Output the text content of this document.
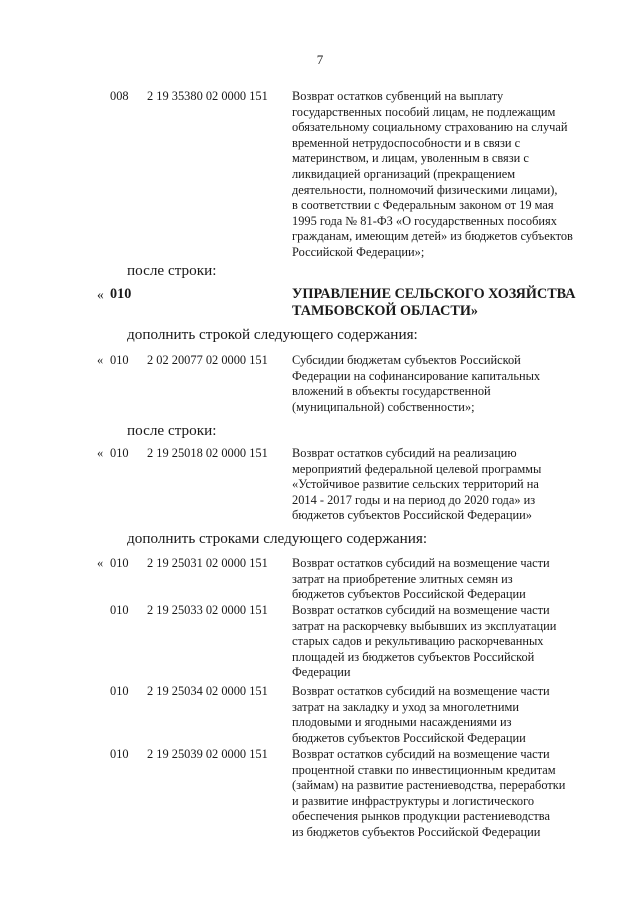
7
008 2 19 35380 02 0000 151 Возврат остатков субвенций на выплату
государственных пособий лицам, не подлежащим
обязательному социальному страхованию на случай
временной нетрудоспособности и в связи с
материнством, и лицам, уволенным в связи с
ликвидацией организаций (прекращением
деятельности, полномочий физическими лицами),
в соответствии с Федеральным законом от 19 мая
1995 года № 81-ФЗ «О государственных пособиях
гражданам, имеющим детей» из бюджетов субъектов
Российской Федерации»;
после строки:
« 010	УПРАВЛЕНИЕ СЕЛЬСКОГО ХОЗЯЙСТВА
ТАМБОВСКОЙ ОБЛАСТИ»
дополнить строкой следующего содержания:
« 010 2 02 20077 02 0000 151 Субсидии бюджетам субъектов Российской
Федерации на софинансирование капитальных
вложений в объекты государственной
(муниципальной) собственности»;
после строки:
« 010 2 19 25018 02 0000 151 Возврат остатков субсидий на реализацию
мероприятий федеральной целевой программы
«Устойчивое развитие сельских территорий на
2014 - 2017 годы и на период до 2020 года» из
бюджетов субъектов Российской Федерации»
дополнить строками следующего содержания:
« 010 2 19 25031 02 0000 151 Возврат остатков субсидий на возмещение части
затрат на приобретение элитных семян из
бюджетов субъектов Российской Федерации
010 2 19 25033 02 0000 151 Возврат остатков субсидий на возмещение части
затрат на раскорчевку выбывших из эксплуатации
старых садов и рекультивацию раскорчеванных
площадей из бюджетов субъектов Российской
Федерации
010 2 19 25034 02 0000 151 Возврат остатков субсидий на возмещение части
затрат на закладку и уход за многолетними
плодовыми и ягодными насаждениями из
бюджетов субъектов Российской Федерации
010 2 19 25039 02 0000 151 Возврат остатков субсидий на возмещение части
процентной ставки по инвестиционным кредитам
(займам) на развитие растениеводства, переработки
и развитие инфраструктуры и логистического
обеспечения рынков продукции растениеводства
из бюджетов субъектов Российской Федерации
